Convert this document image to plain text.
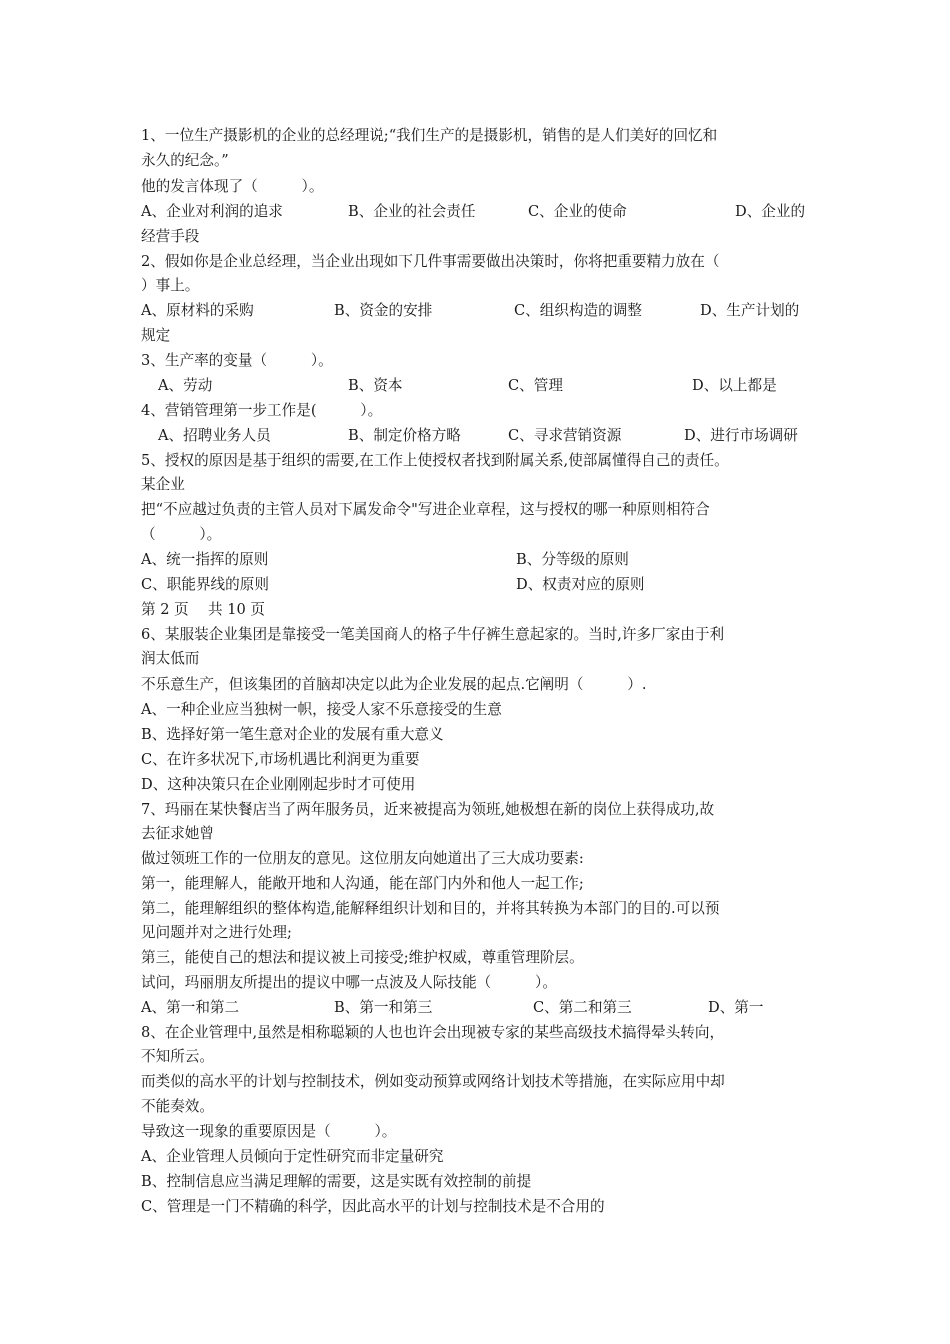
1、一位生产摄影机的企业的总经理说;“我们生产的是摄影机，销售的是人们美好的回忆和
永久的纪念。”
他的发言体现了（　　　）。
A、企业对利润的追求	B、企业的社会责任	C、企业的使命	D、企业的
经营手段
2、假如你是企业总经理，当企业出现如下几件事需要做出决策时，你将把重要精力放在（
）事上。
A、原材料的采购	B、资金的安排	C、组织构造的调整	D、生产计划的
规定
3、生产率的变量（　　　）。
A、劳动	B、资本	C、管理	D、以上都是
4、营销管理第一步工作是(　　　）。
A、招聘业务人员	B、制定价格方略	C、寻求营销资源	D、进行市场调研
5、授权的原因是基于组织的需要,在工作上使授权者找到附属关系,使部属懂得自己的责任。
某企业
把“不应越过负责的主管人员对下属发命令"写进企业章程，这与授权的哪一种原则相符合
（　　　）。
A、统一指挥的原则	B、分等级的原则
C、职能界线的原则	D、权责对应的原则
第 2 页　 共 10 页
6、某服装企业集团是靠接受一笔美国商人的格子牛仔裤生意起家的。当时,许多厂家由于利
润太低而
不乐意生产，但该集团的首脑却决定以此为企业发展的起点.它阐明（　　　）.
A、一种企业应当独树一帜，接受人家不乐意接受的生意
B、选择好第一笔生意对企业的发展有重大意义
C、在许多状况下,市场机遇比利润更为重要
D、这种决策只在企业刚刚起步时才可使用
7、玛丽在某快餐店当了两年服务员，近来被提高为领班,她极想在新的岗位上获得成功,故
去征求她曾
做过领班工作的一位朋友的意见。这位朋友向她道出了三大成功要素:
第一，能理解人，能敞开地和人沟通，能在部门内外和他人一起工作;
第二，能理解组织的整体构造,能解释组织计划和目的，并将其转换为本部门的目的.可以预
见问题并对之进行处理;
第三，能使自己的想法和提议被上司接受;维护权威，尊重管理阶层。
试问，玛丽朋友所提出的提议中哪一点波及人际技能（　　　）。
A、第一和第二	B、第一和第三	C、第二和第三	D、第一
8、在企业管理中,虽然是相称聪颖的人也也许会出现被专家的某些高级技术搞得晕头转向，
不知所云。
而类似的高水平的计划与控制技术，例如变动预算或网络计划技术等措施，在实际应用中却
不能奏效。
导致这一现象的重要原因是（　　　）。
A、企业管理人员倾向于定性研究而非定量研究
B、控制信息应当满足理解的需要，这是实既有效控制的前提
C、管理是一门不精确的科学，因此高水平的计划与控制技术是不合用的
